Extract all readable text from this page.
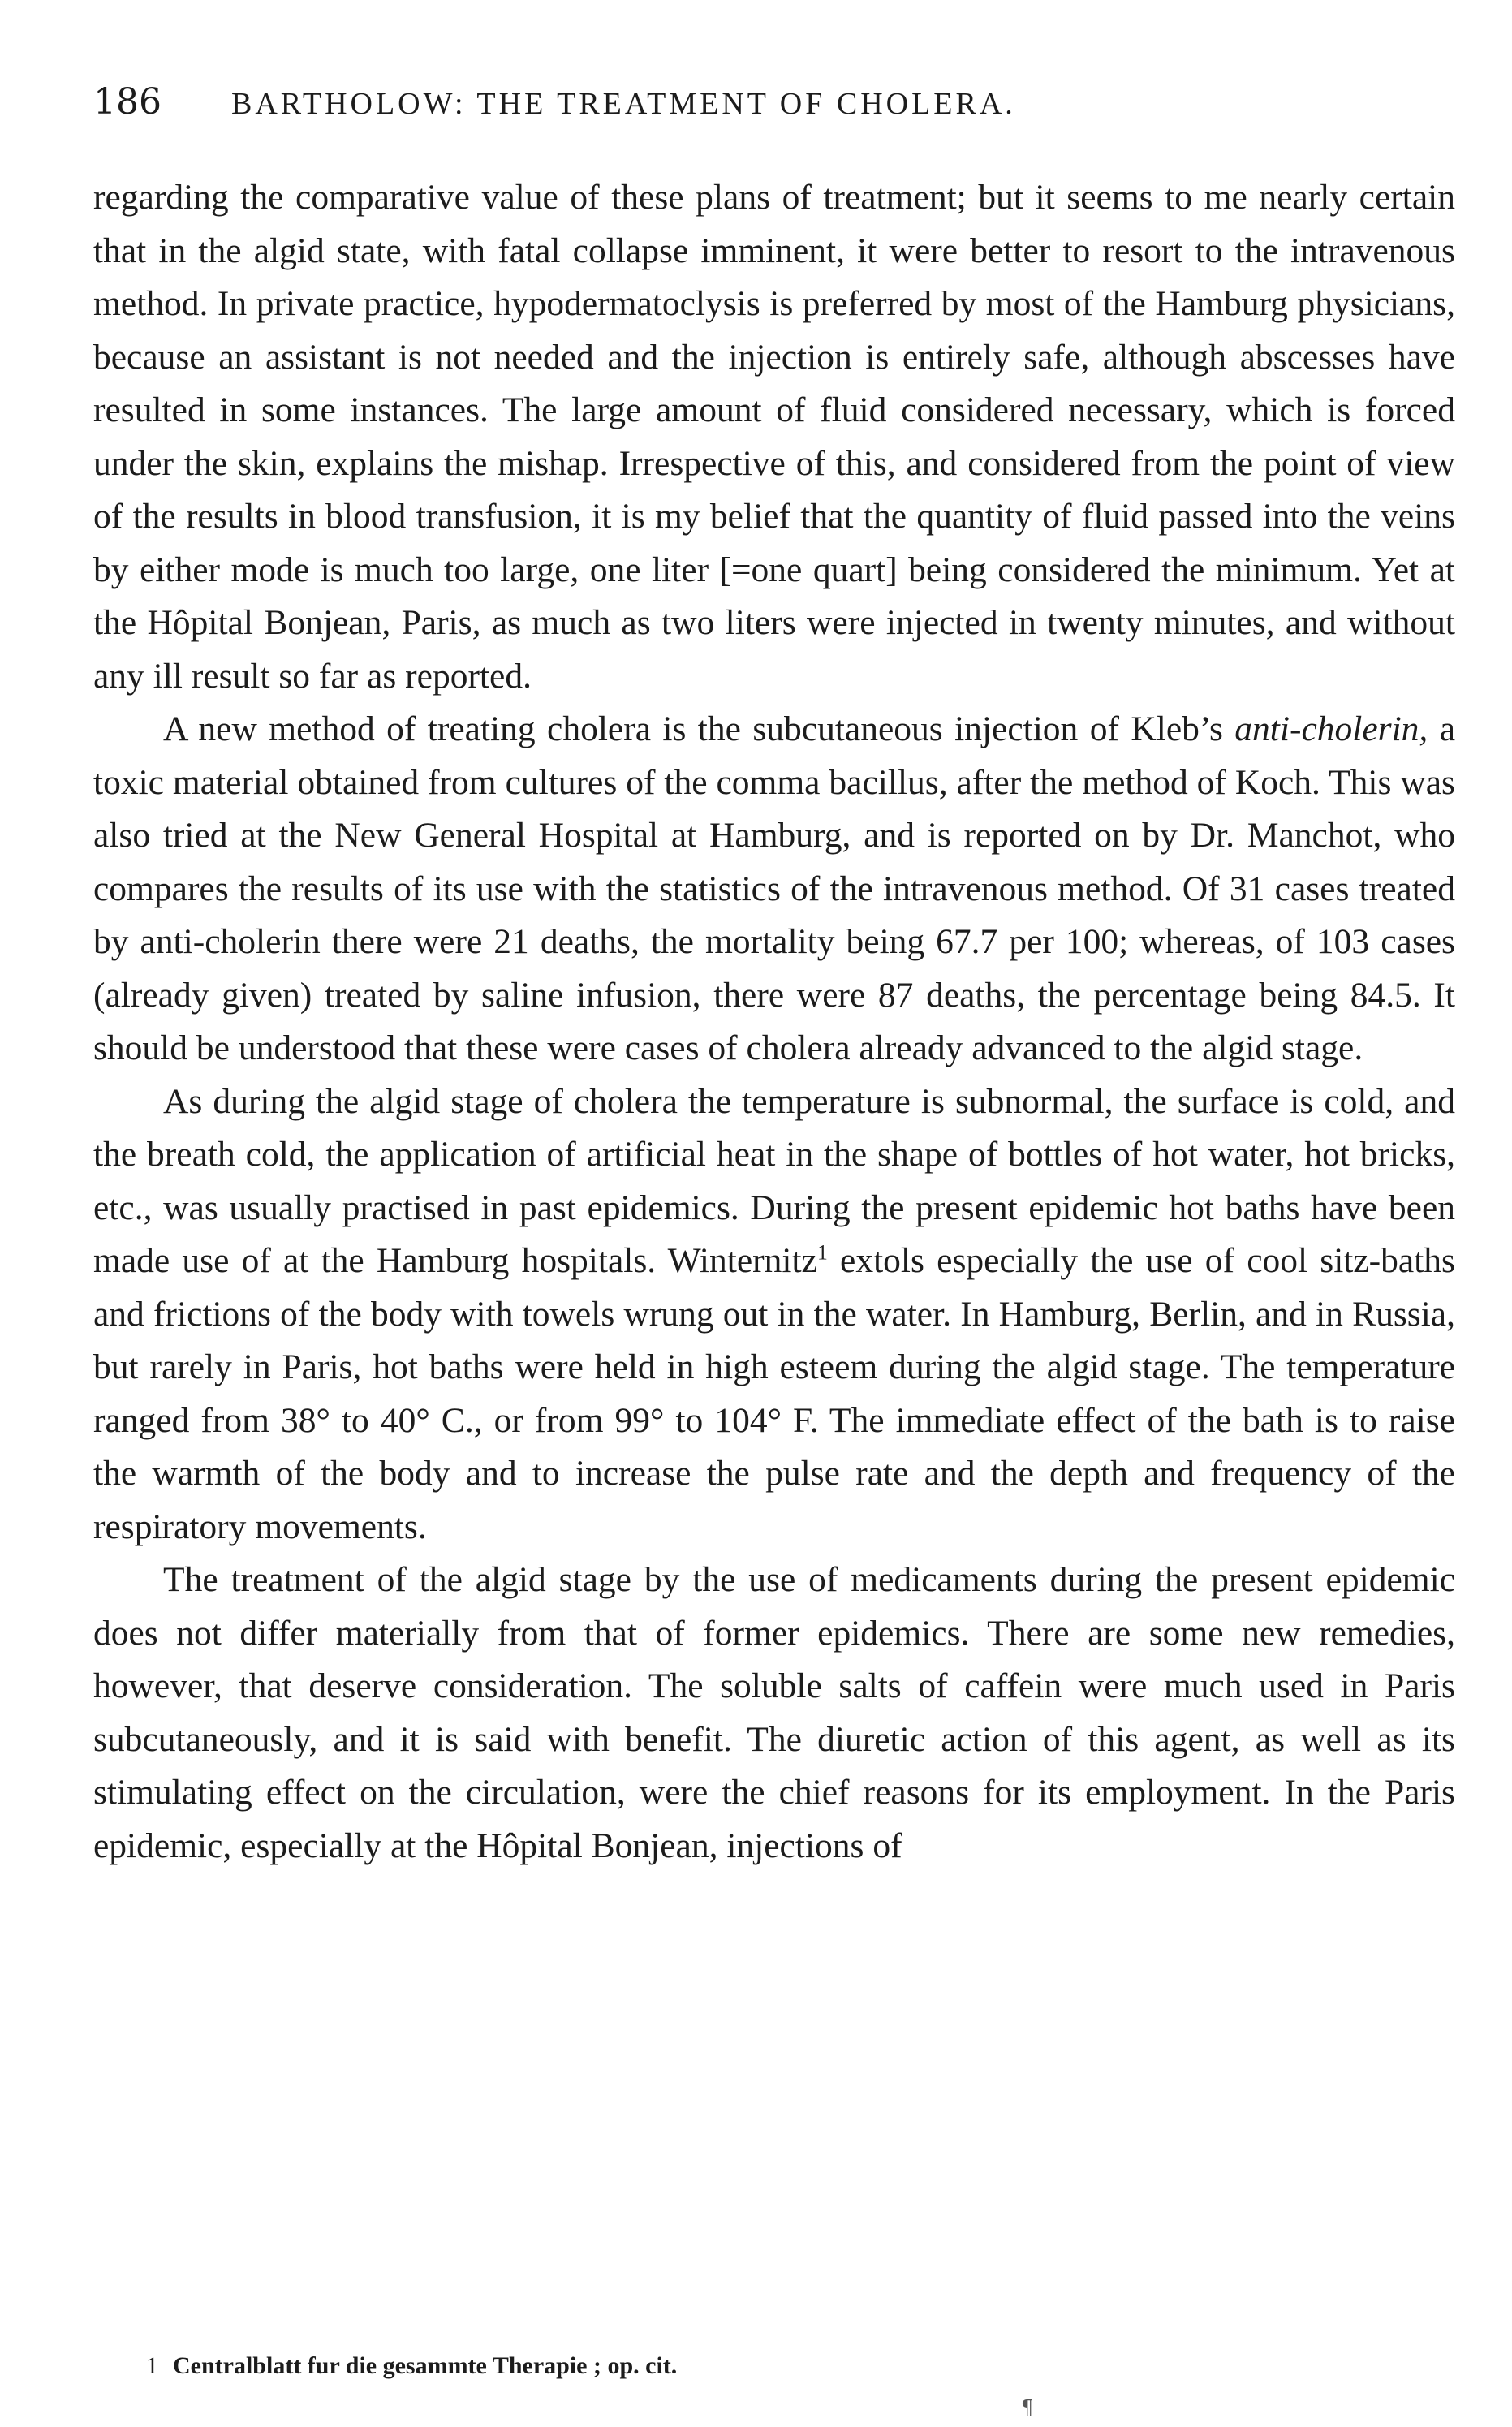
186	BARTHOLOW: THE TREATMENT OF CHOLERA.

regarding the comparative value of these plans of treatment; but it seems to me nearly certain that in the algid state, with fatal collapse imminent, it were better to resort to the intravenous method. In private practice, hypodermatoclysis is preferred by most of the Hamburg physicians, because an assistant is not needed and the injection is entirely safe, although abscesses have resulted in some instances. The large amount of fluid considered necessary, which is forced under the skin, explains the mishap. Irrespective of this, and considered from the point of view of the results in blood transfusion, it is my belief that the quantity of fluid passed into the veins by either mode is much too large, one liter [=one quart] being considered the minimum. Yet at the Hôpital Bonjean, Paris, as much as two liters were injected in twenty minutes, and without any ill result so far as reported.

A new method of treating cholera is the subcutaneous injection of Kleb’s anti-cholerin, a toxic material obtained from cultures of the comma bacillus, after the method of Koch. This was also tried at the New General Hospital at Hamburg, and is reported on by Dr. Manchot, who compares the results of its use with the statistics of the intravenous method. Of 31 cases treated by anti-cholerin there were 21 deaths, the mortality being 67.7 per 100; whereas, of 103 cases (already given) treated by saline infusion, there were 87 deaths, the percentage being 84.5. It should be understood that these were cases of cholera already advanced to the algid stage.

As during the algid stage of cholera the temperature is subnormal, the surface is cold, and the breath cold, the application of artificial heat in the shape of bottles of hot water, hot bricks, etc., was usually practised in past epidemics. During the present epidemic hot baths have been made use of at the Hamburg hospitals. Winternitz$^1$ extols especially the use of cool sitz-baths and frictions of the body with towels wrung out in the water. In Hamburg, Berlin, and in Russia, but rarely in Paris, hot baths were held in high esteem during the algid stage. The temperature ranged from 38° to 40° C., or from 99° to 104° F. The immediate effect of the bath is to raise the warmth of the body and to increase the pulse rate and the depth and frequency of the respiratory movements.

The treatment of the algid stage by the use of medicaments during the present epidemic does not differ materially from that of former epidemics. There are some new remedies, however, that deserve consideration. The soluble salts of caffein were much used in Paris subcutaneously, and it is said with benefit. The diuretic action of this agent, as well as its stimulating effect on the circulation, were the chief reasons for its employment. In the Paris epidemic, especially at the Hôpital Bonjean, injections of

1 Centralblatt fur die gesammte Therapie ; op. cit.
¶
